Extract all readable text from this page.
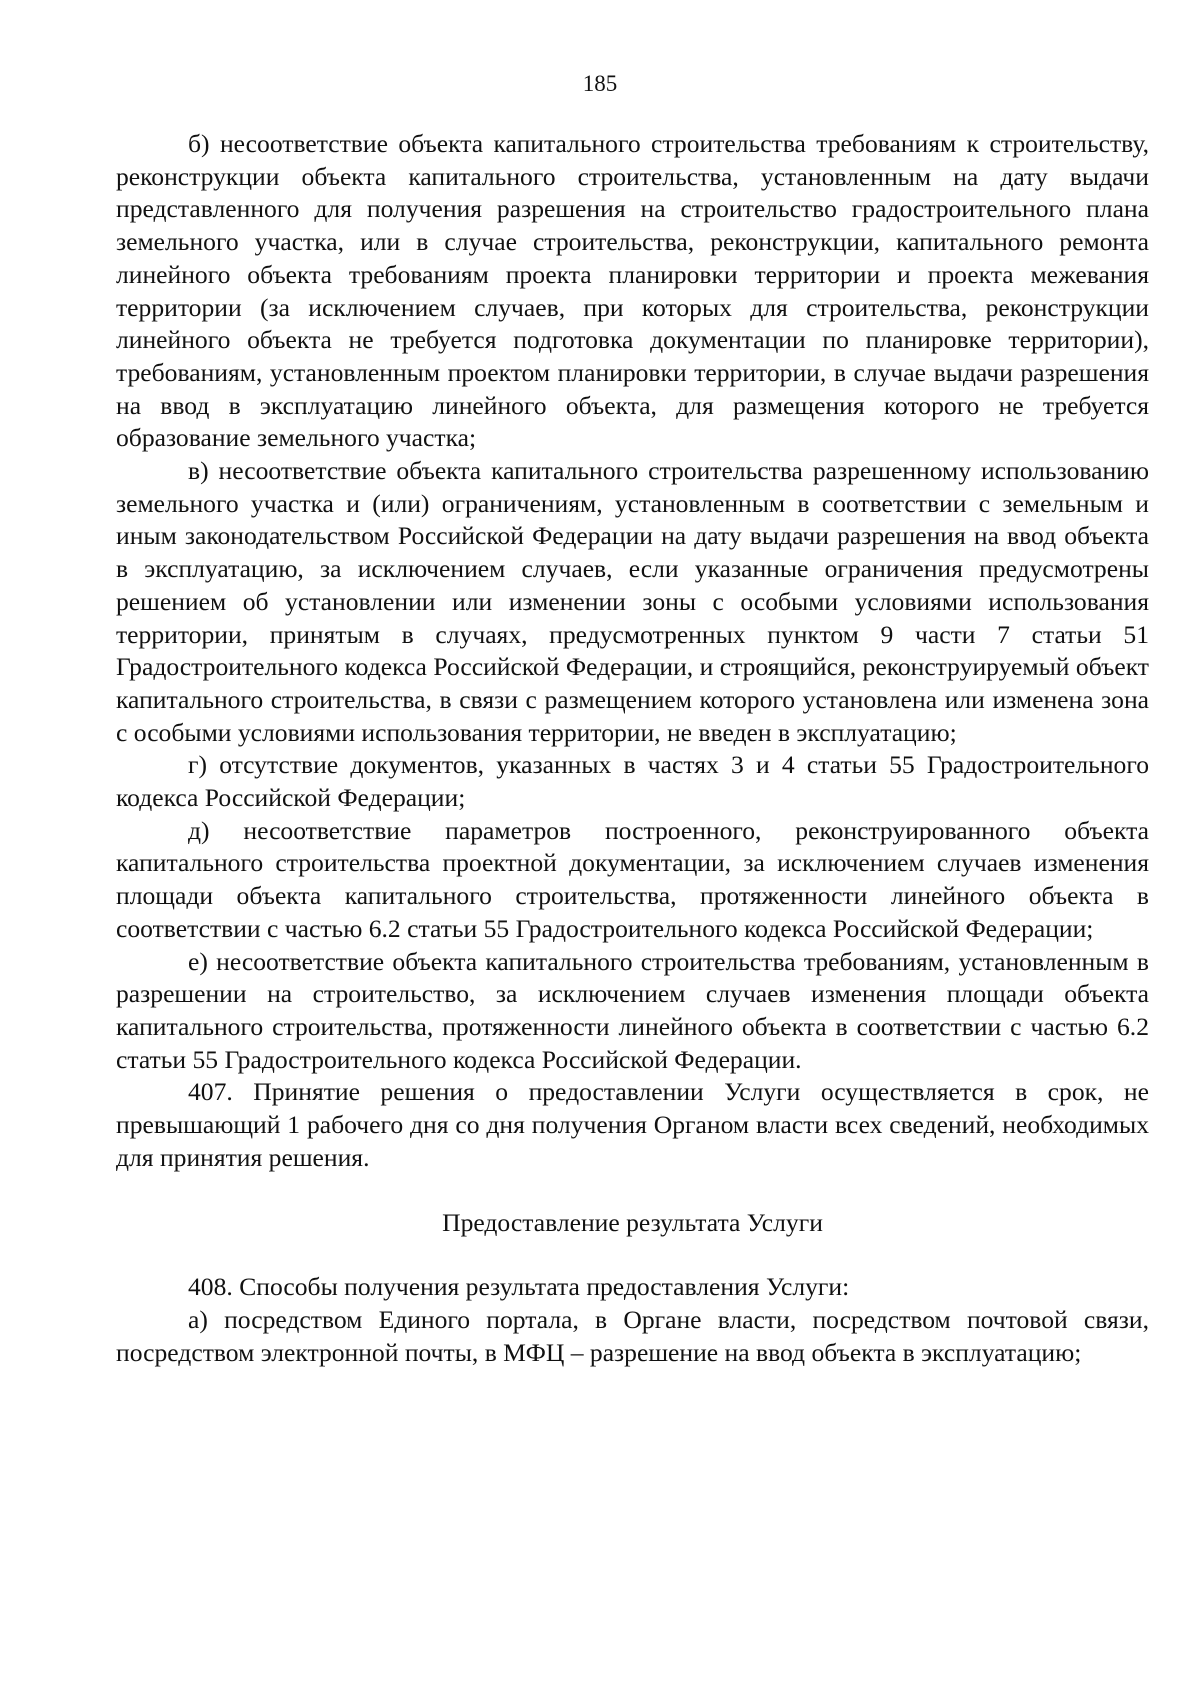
185

б) несоответствие объекта капитального строительства требованиям к строительству, реконструкции объекта капитального строительства, установленным на дату выдачи представленного для получения разрешения на строительство градостроительного плана земельного участка, или в случае строительства, реконструкции, капитального ремонта линейного объекта требованиям проекта планировки территории и проекта межевания территории (за исключением случаев, при которых для строительства, реконструкции линейного объекта не требуется подготовка документации по планировке территории), требованиям, установленным проектом планировки территории, в случае выдачи разрешения на ввод в эксплуатацию линейного объекта, для размещения которого не требуется образование земельного участка;

в) несоответствие объекта капитального строительства разрешенному использованию земельного участка и (или) ограничениям, установленным в соответствии с земельным и иным законодательством Российской Федерации на дату выдачи разрешения на ввод объекта в эксплуатацию, за исключением случаев, если указанные ограничения предусмотрены решением об установлении или изменении зоны с особыми условиями использования территории, принятым в случаях, предусмотренных пунктом 9 части 7 статьи 51 Градостроительного кодекса Российской Федерации, и строящийся, реконструируемый объект капитального строительства, в связи с размещением которого установлена или изменена зона с особыми условиями использования территории, не введен в эксплуатацию;

г) отсутствие документов, указанных в частях 3 и 4 статьи 55 Градостроительного кодекса Российской Федерации;

д) несоответствие параметров построенного, реконструированного объекта капитального строительства проектной документации, за исключением случаев изменения площади объекта капитального строительства, протяженности линейного объекта в соответствии с частью 6.2 статьи 55 Градостроительного кодекса Российской Федерации;

е) несоответствие объекта капитального строительства требованиям, установленным в разрешении на строительство, за исключением случаев изменения площади объекта капитального строительства, протяженности линейного объекта в соответствии с частью 6.2 статьи 55 Градостроительного кодекса Российской Федерации.

407. Принятие решения о предоставлении Услуги осуществляется в срок, не превышающий 1 рабочего дня со дня получения Органом власти всех сведений, необходимых для принятия решения.

Предоставление результата Услуги

408. Способы получения результата предоставления Услуги:

а) посредством Единого портала, в Органе власти, посредством почтовой связи, посредством электронной почты, в МФЦ – разрешение на ввод объекта в эксплуатацию;
